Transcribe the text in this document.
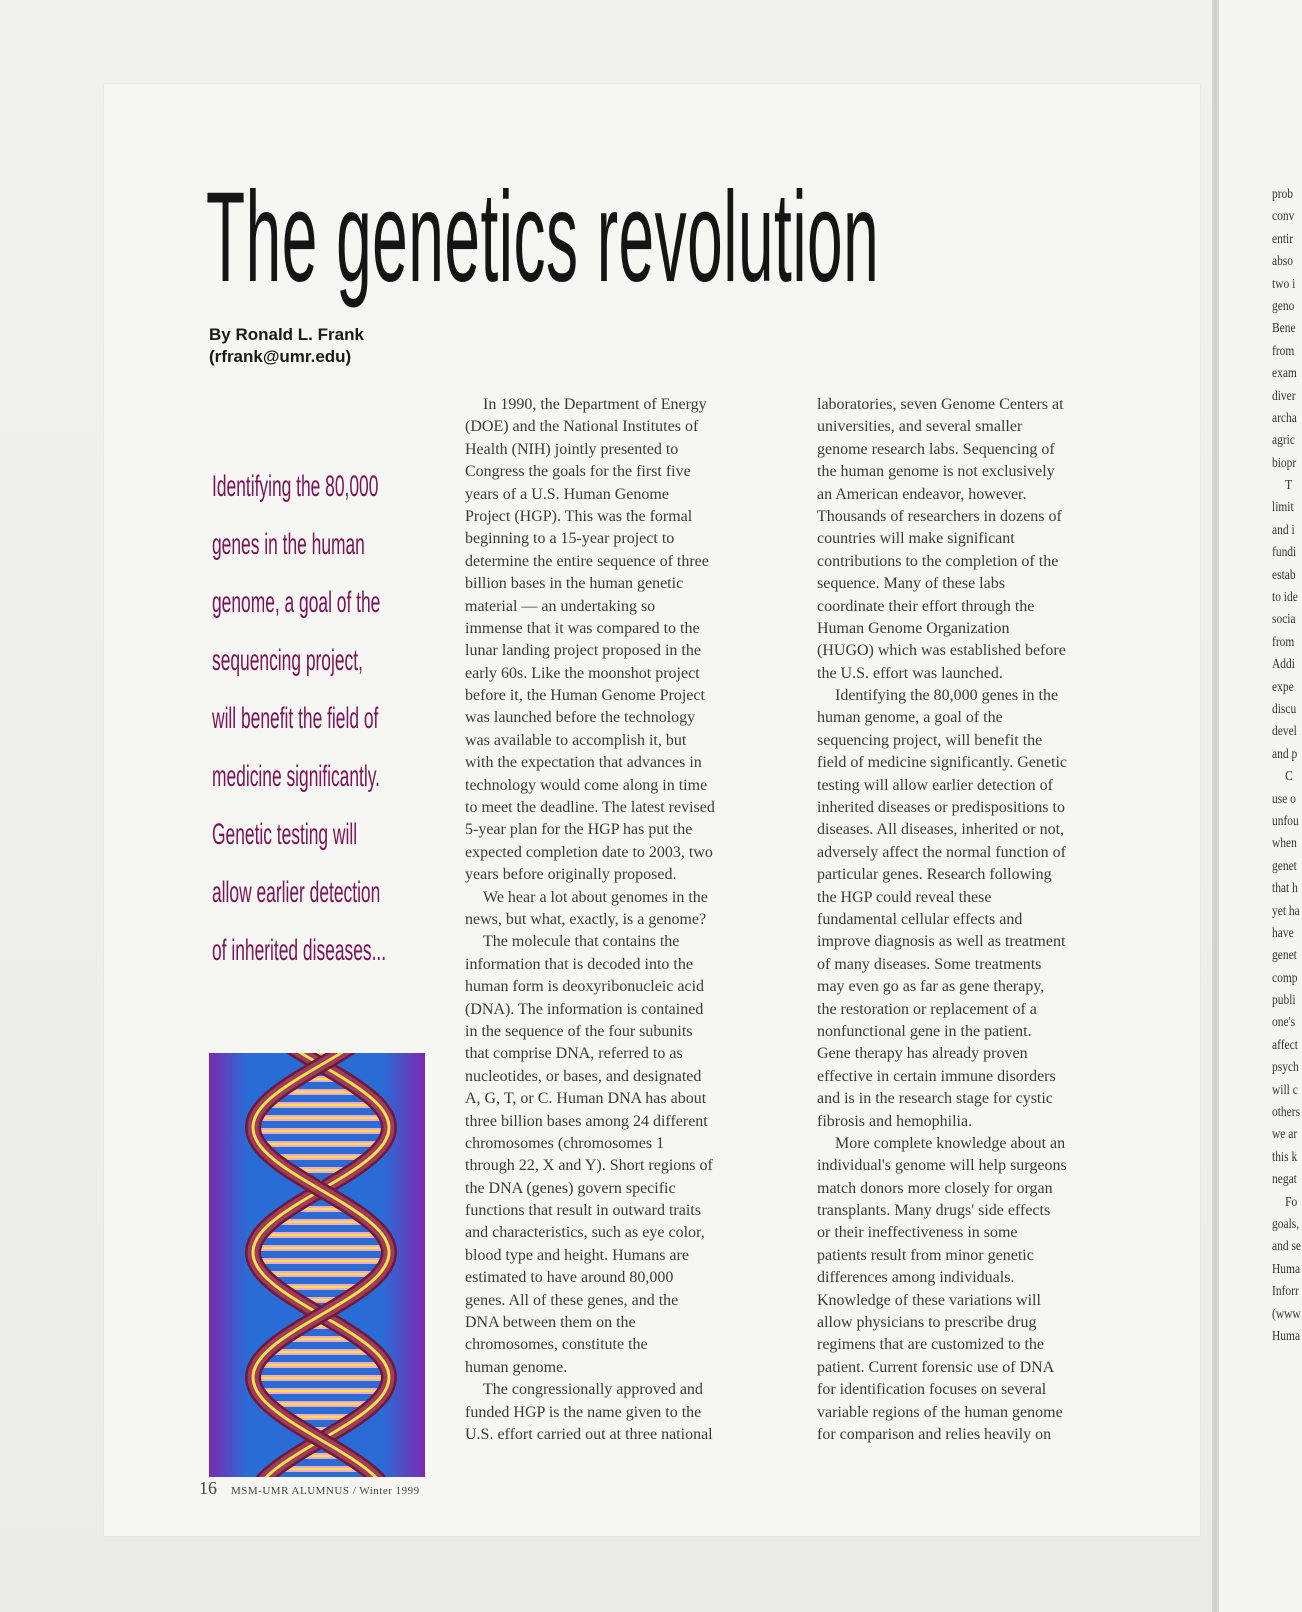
prob
conv
entir
abso
two i
geno
Bene
from
exam
diver
archa
agric
biopr
T
limit
and i
fundi
estab
to ide
socia
from
Addi
expe
discu
devel
and p
C
use o
unfou
when
genet
that h
yet ha
have
genet
comp
publi
one's
affect
psych
will c
others
we ar
this k
negat
Fo
goals,
and se
Huma
Inforr
(www
Huma
The genetics revolution
By Ronald L. Frank
(rfrank@umr.edu)
Identifying the 80,000
genes in the human
genome, a goal of the
sequencing project,
will benefit the field of
medicine significantly.
Genetic testing will
allow earlier detection
of inherited diseases...
In 1990, the Department of Energy
(DOE) and the National Institutes of
Health (NIH) jointly presented to
Congress the goals for the first five
years of a U.S. Human Genome
Project (HGP). This was the formal
beginning to a 15-year project to
determine the entire sequence of three
billion bases in the human genetic
material — an undertaking so
immense that it was compared to the
lunar landing project proposed in the
early 60s. Like the moonshot project
before it, the Human Genome Project
was launched before the technology
was available to accomplish it, but
with the expectation that advances in
technology would come along in time
to meet the deadline. The latest revised
5-year plan for the HGP has put the
expected completion date to 2003, two
years before originally proposed.
We hear a lot about genomes in the
news, but what, exactly, is a genome?
The molecule that contains the
information that is decoded into the
human form is deoxyribonucleic acid
(DNA). The information is contained
in the sequence of the four subunits
that comprise DNA, referred to as
nucleotides, or bases, and designated
A, G, T, or C. Human DNA has about
three billion bases among 24 different
chromosomes (chromosomes 1
through 22, X and Y). Short regions of
the DNA (genes) govern specific
functions that result in outward traits
and characteristics, such as eye color,
blood type and height. Humans are
estimated to have around 80,000
genes. All of these genes, and the
DNA between them on the
chromosomes, constitute the
human genome.
The congressionally approved and
funded HGP is the name given to the
U.S. effort carried out at three national
laboratories, seven Genome Centers at
universities, and several smaller
genome research labs. Sequencing of
the human genome is not exclusively
an American endeavor, however.
Thousands of researchers in dozens of
countries will make significant
contributions to the completion of the
sequence. Many of these labs
coordinate their effort through the
Human Genome Organization
(HUGO) which was established before
the U.S. effort was launched.
Identifying the 80,000 genes in the
human genome, a goal of the
sequencing project, will benefit the
field of medicine significantly. Genetic
testing will allow earlier detection of
inherited diseases or predispositions to
diseases. All diseases, inherited or not,
adversely affect the normal function of
particular genes. Research following
the HGP could reveal these
fundamental cellular effects and
improve diagnosis as well as treatment
of many diseases. Some treatments
may even go as far as gene therapy,
the restoration or replacement of a
nonfunctional gene in the patient.
Gene therapy has already proven
effective in certain immune disorders
and is in the research stage for cystic
fibrosis and hemophilia.
More complete knowledge about an
individual's genome will help surgeons
match donors more closely for organ
transplants. Many drugs' side effects
or their ineffectiveness in some
patients result from minor genetic
differences among individuals.
Knowledge of these variations will
allow physicians to prescribe drug
regimens that are customized to the
patient. Current forensic use of DNA
for identification focuses on several
variable regions of the human genome
for comparison and relies heavily on
16 MSM-UMR ALUMNUS / Winter 1999
